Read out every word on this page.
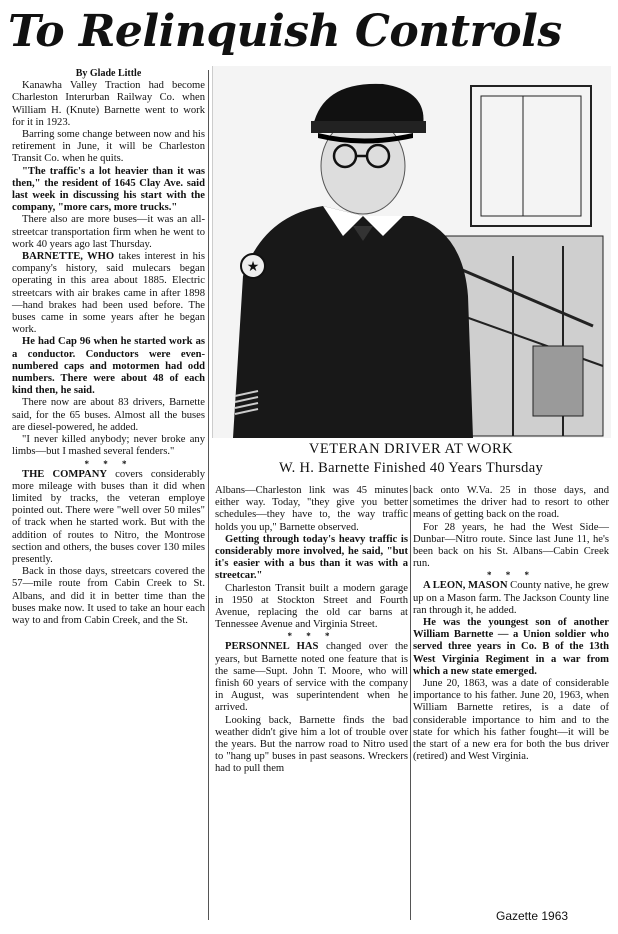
To Relinquish Controls

By Glade Little

Kanawha Valley Traction had become Charleston Interurban Railway Co. when William H. (Knute) Barnette went to work for it in 1923.

Barring some change between now and his retirement in June, it will be Charleston Transit Co. when he quits.

"The traffic's a lot heavier than it was then," the resident of 1645 Clay Ave. said last week in discussing his start with the company, "more cars, more trucks."

There also are more buses—it was an all-streetcar transportation firm when he went to work 40 years ago last Thursday.

BARNETTE, WHO takes interest in his company's history, said mulecars began operating in this area about 1885. Electric streetcars with air brakes came in after 1898—hand brakes had been used before. The buses came in some years after he began work.

He had Cap 96 when he started work as a conductor. Conductors were even-numbered caps and motormen had odd numbers. There were about 48 of each kind then, he said.

There now are about 83 drivers, Barnette said, for the 65 buses. Almost all the buses are diesel-powered, he added.

"I never killed anybody; never broke any limbs—but I mashed several fenders."

* * *

THE COMPANY covers considerably more mileage with buses than it did when limited by tracks, the veteran employe pointed out. There were "well over 50 miles" of track when he started work. But with the addition of routes to Nitro, the Montrose section and others, the buses cover 130 miles presently.

Back in those days, streetcars covered the 57—mile route from Cabin Creek to St. Albans, and did it in better time than the buses make now. It used to take an hour each way to and from Cabin Creek, and the St.

★
VETERAN DRIVER AT WORK
W. H. Barnette Finished 40 Years Thursday

Albans—Charleston link was 45 minutes either way. Today, "they give you better schedules—they have to, the way traffic holds you up," Barnette observed.

Getting through today's heavy traffic is considerably more involved, he said, "but it's easier with a bus than it was with a streetcar."

Charleston Transit built a modern garage in 1950 at Stockton Street and Fourth Avenue, replacing the old car barns at Tennessee Avenue and Virginia Street.

* * *

PERSONNEL HAS changed over the years, but Barnette noted one feature that is the same—Supt. John T. Moore, who will finish 60 years of service with the company in August, was superintendent when he arrived.

Looking back, Barnette finds the bad weather didn't give him a lot of trouble over the years. But the narrow road to Nitro used to "hang up" buses in past seasons. Wreckers had to pull them

back onto W.Va. 25 in those days, and sometimes the driver had to resort to other means of getting back on the road.

For 28 years, he had the West Side—Dunbar—Nitro route. Since last June 11, he's been back on his St. Albans—Cabin Creek run.

* * *

A LEON, MASON County native, he grew up on a Mason farm. The Jackson County line ran through it, he added.

He was the youngest son of another William Barnette — a Union soldier who served three years in Co. B of the 13th West Virginia Regiment in a war from which a new state emerged.

June 20, 1863, was a date of considerable importance to his father. June 20, 1963, when William Barnette retires, is a date of considerable importance to him and to the state for which his father fought—it will be the start of a new era for both the bus driver (retired) and West Virginia.

Gazette 1963
